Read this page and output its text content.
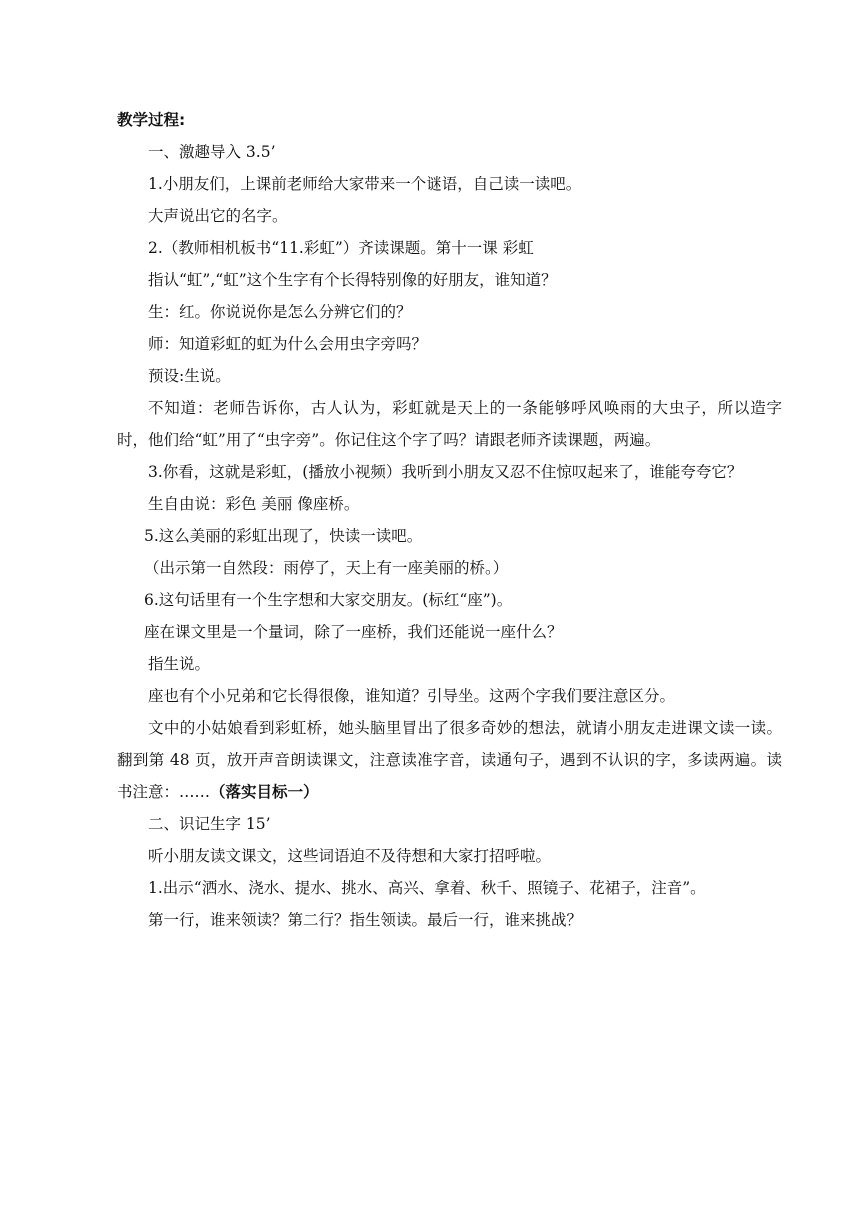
教学过程:

一、激趣导入 3.5’

1.小朋友们，上课前老师给大家带来一个谜语，自己读一读吧。

大声说出它的名字。

2.（教师相机板书“11.彩虹”）齐读课题。第十一课 彩虹

指认“虹”,“虹”这个生字有个长得特别像的好朋友，谁知道？

生：红。你说说你是怎么分辨它们的？

师：知道彩虹的虹为什么会用虫字旁吗？

预设:生说。

不知道：老师告诉你，古人认为，彩虹就是天上的一条能够呼风唤雨的大虫子，所以造字时，他们给“虹”用了“虫字旁”。你记住这个字了吗？请跟老师齐读课题，两遍。

3.你看，这就是彩虹，(播放小视频）我听到小朋友又忍不住惊叹起来了，谁能夸夸它？

生自由说：彩色 美丽 像座桥。

5.这么美丽的彩虹出现了，快读一读吧。

（出示第一自然段：雨停了，天上有一座美丽的桥。）

6.这句话里有一个生字想和大家交朋友。(标红“座”)。

座在课文里是一个量词，除了一座桥，我们还能说一座什么？

指生说。

座也有个小兄弟和它长得很像，谁知道？引导坐。这两个字我们要注意区分。

文中的小姑娘看到彩虹桥，她头脑里冒出了很多奇妙的想法，就请小朋友走进课文读一读。翻到第 48 页，放开声音朗读课文，注意读准字音，读通句子，遇到不认识的字，多读两遍。读书注意：……（落实目标一）

二、识记生字 15’

听小朋友读文课文，这些词语迫不及待想和大家打招呼啦。

1.出示“洒水、浇水、提水、挑水、高兴、拿着、秋千、照镜子、花裙子，注音”。

第一行，谁来领读？第二行？指生领读。最后一行，谁来挑战？
